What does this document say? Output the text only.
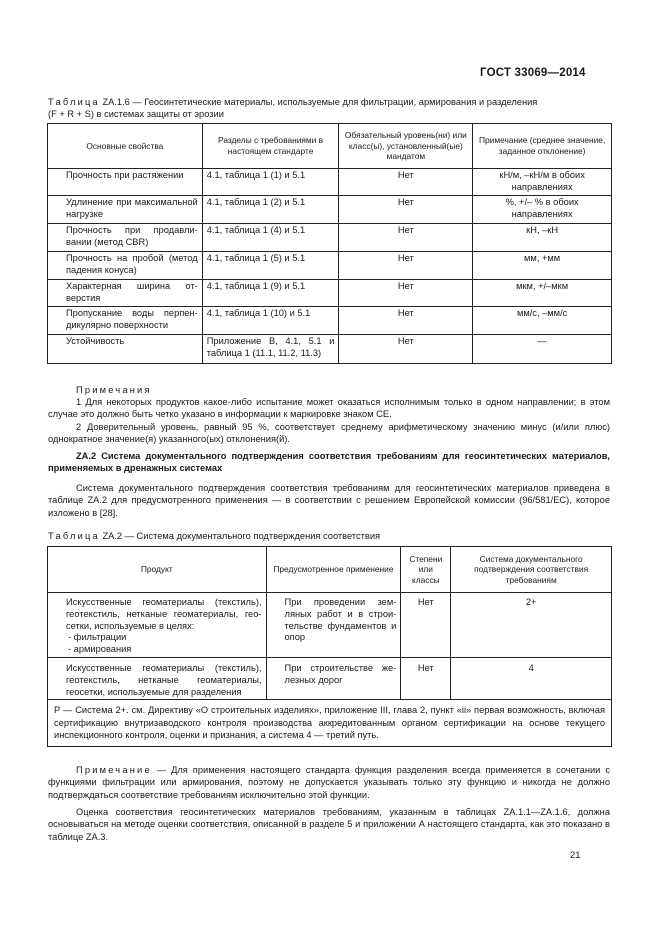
ГОСТ 33069—2014
Таблица ZA.1.6 — Геосинтетические материалы, используемые для фильтрации, армирования и разделения
(F + R + S) в системах защиты от эрозии
Основные свойства	Разделы с требованиями в настоящем стандарте	Обязательный уровень(ни) или класс(ы), установленный(ые) мандатом	Примечание (среднее значение, заданное отклонение)
Прочность при растяжении	4.1, таблица 1 (1) и 5.1	Нет	кН/м, –кН/м в обоих направлениях
Удлинение при максимальной нагрузке	4.1, таблица 1 (2) и 5.1	Нет	%, +/– % в обоих направлениях
Прочность при продавливании (метод CBR)	4.1, таблица 1 (4) и 5.1	Нет	кН, –кН
Прочность на пробой (метод падения конуса)	4.1, таблица 1 (5) и 5.1	Нет	мм, +мм
Характерная ширина отверстия	4.1, таблица 1 (9) и 5.1	Нет	мкм, +/–мкм
Пропускание воды перпендикулярно поверхности	4.1, таблица 1 (10) и 5.1	Нет	мм/с, –мм/с
Устойчивость	Приложение В, 4.1, 5.1 и таблица 1 (11.1, 11.2, 11.3)	Нет	—
Примечания
1 Для некоторых продуктов какое-либо испытание может оказаться исполнимым только в одном направлении; в этом случае это должно быть четко указано в информации к маркировке знаком СЕ.
2 Доверительный уровень, равный 95 %, соответствует среднему арифметическому значению минус (и/или плюс) однократное значение(я) указанного(ых) отклонения(й).
ZA.2 Система документального подтверждения соответствия требованиям для геосинтетических материалов, применяемых в дренажных системах
Система документального подтверждения соответствия требованиям для геосинтетических материалов приведена в таблице ZA.2 для предусмотренного применения — в соответствии с решением Европейской комиссии (96/581/ЕС), которое изложено в [28].
Таблица ZA.2 — Система документального подтверждения соответствия
Продукт	Предусмотренное применение	Степени или классы	Система документального подтверждения соответствия требованиям
Искусственные геоматериалы (текстиль), геотекстиль, нетканые геоматериалы, геосетки, используемые в целях:
- фильтрации
- армирования	При проведении земляных работ и в строительстве фундаментов и опор	Нет	2+
Искусственные геоматериалы (текстиль), геотекстиль, нетканые геоматериалы, геосетки, используемые для разделения	При строительстве железных дорог	Нет	4
Р — Система 2+. см. Директиву «О строительных изделиях», приложение III, глава 2, пункт «ii» первая возможность, включая сертификацию внутризаводского контроля производства аккредитованным органом сертификации на основе текущего инспекционного контроля, оценки и признания, а система 4 — третий путь.			
Примечание — Для применения настоящего стандарта функция разделения всегда применяется в сочетании с функциями фильтрации или армирования, поэтому не допускается указывать только эту функцию и никогда не должно подтверждаться соответствие требованиям исключительно этой функции.
Оценка соответствия геосинтетических материалов требованиям, указанным в таблицах ZA.1.1—ZA.1.6, должна основываться на методе оценки соответствия, описанной в разделе 5 и приложении А настоящего стандарта, как это показано в таблице ZA.3.
21
